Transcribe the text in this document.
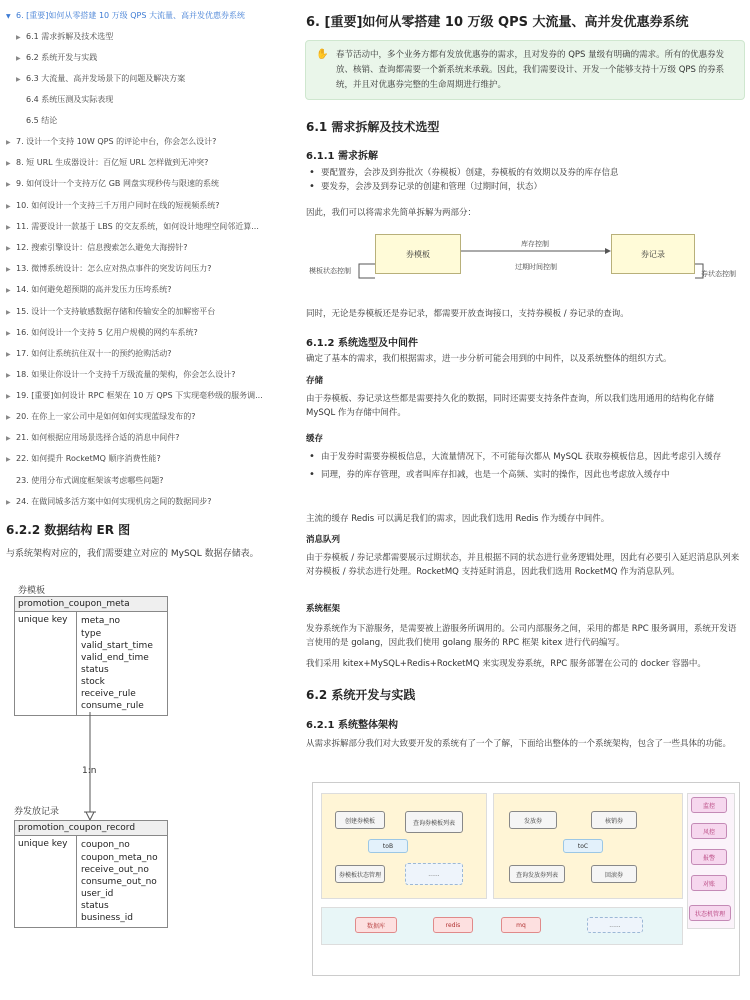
▼ 6. [重要]如何从零搭建 10 万级 QPS 大流量、高并发优惠券系统
▶ 6.1 需求拆解及技术选型
▶ 6.2 系统开发与实践
▶ 6.3 大流量、高并发场景下的问题及解决方案
6.4 系统压测及实际表现
6.5 结论
▶ 7. 设计一个支持 10W QPS 的评论中台，你会怎么设计?
▶ 8. 短 URL 生成器设计：百亿短 URL 怎样做到无冲突?
▶ 9. 如何设计一个支持万亿 GB 网盘实现秒传与限速的系统
▶ 10. 如何设计一个支持三千万用户同时在线的短视频系统?
▶ 11. 需要设计一款基于 LBS 的交友系统，如何设计地理空间邻近算...
▶ 12. 搜索引擎设计：信息搜索怎么避免大海捞针?
▶ 13. 微博系统设计：怎么应对热点事件的突发访问压力?
▶ 14. 如何避免超预期的高并发压力压垮系统?
▶ 15. 设计一个支持敏感数据存储和传输安全的加解密平台
▶ 16. 如何设计一个支持 5 亿用户规模的网约车系统?
▶ 17. 如何让系统抗住双十一的预约抢购活动?
▶ 18. 如果让你设计一个支持千万级流量的架构，你会怎么设计?
▶ 19. [重要]如何设计 RPC 框架在 10 万 QPS 下实现毫秒级的服务调...
▶ 20. 在你上一家公司中是如何如何实现蓝绿发布的?
▶ 21. 如何根据应用场景选择合适的消息中间件?
▶ 22. 如何提升 RocketMQ 顺序消费性能?
23. 使用分布式调度框架该考虑哪些问题?
▶ 24. 在做同城多活方案中如何实现机房之间的数据同步?
6.2.2 数据结构 ER 图
与系统架构对应的，我们需要建立对应的 MySQL 数据存储表。
券模板
promotion_coupon_meta
unique key	meta_no
type
valid_start_time
valid_end_time
status
stock
receive_rule
consume_rule
1:n
券发放记录
promotion_coupon_record
unique key	coupon_no
coupon_meta_no
receive_out_no
consume_out_no
user_id
status
business_id
6. [重要]如何从零搭建 10 万级 QPS 大流量、高并发优惠券系统
✋ 春节活动中，多个业务方都有发放优惠券的需求，且对发券的 QPS 量级有明确的需求。所有的优惠券发放、核销、查询都需要一个新系统来承载。因此，我们需要设计、开发一个能够支持十万级 QPS 的券系统，并且对优惠券完整的生命周期进行维护。
6.1 需求拆解及技术选型
6.1.1 需求拆解
• 要配置券，会涉及到券批次（券模板）创建，券模板的有效期以及券的库存信息
• 要发券，会涉及到券记录的创建和管理（过期时间，状态）
因此，我们可以将需求先简单拆解为两部分：
券模板	券记录
库存控制
过期时间控制
模板状态控制	券状态控制
同时，无论是券模板还是券记录，都需要开放查询接口，支持券模板 / 券记录的查询。
6.1.2 系统选型及中间件
确定了基本的需求，我们根据需求，进一步分析可能会用到的中间件，以及系统整体的组织方式。
存储
由于券模板、券记录这些都是需要持久化的数据，同时还需要支持条件查询，所以我们选用通用的结构化存储 MySQL 作为存储中间件。
缓存
• 由于发券时需要券模板信息，大流量情况下，不可能每次都从 MySQL 获取券模板信息，因此考虑引入缓存
• 同理，券的库存管理，或者叫库存扣减，也是一个高频、实时的操作，因此也考虑放入缓存中
主流的缓存 Redis 可以满足我们的需求，因此我们选用 Redis 作为缓存中间件。
消息队列
由于券模板 / 券记录都需要展示过期状态，并且根据不同的状态进行业务逻辑处理，因此有必要引入延迟消息队列来对券模板 / 券状态进行处理。RocketMQ 支持延时消息，因此我们选用 RocketMQ 作为消息队列。
系统框架
发券系统作为下游服务，是需要被上游服务所调用的。公司内部服务之间，采用的都是 RPC 服务调用，系统开发语言使用的是 golang，因此我们使用 golang 服务的 RPC 框架 kitex 进行代码编写。
我们采用 kitex+MySQL+Redis+RocketMQ 来实现发券系统，RPC 服务部署在公司的 docker 容器中。
6.2 系统开发与实践
6.2.1 系统整体架构
从需求拆解部分我们对大致要开发的系统有了一个了解，下面给出整体的一个系统架构，包含了一些具体的功能。
创建券模板	查询券模板列表
toB
券模板状态管理	......
发放券	核销券
toC
查询发放券列表	回滚券
监控
风控
报警
对账
状态机管理
数据库	redis	mq	......
